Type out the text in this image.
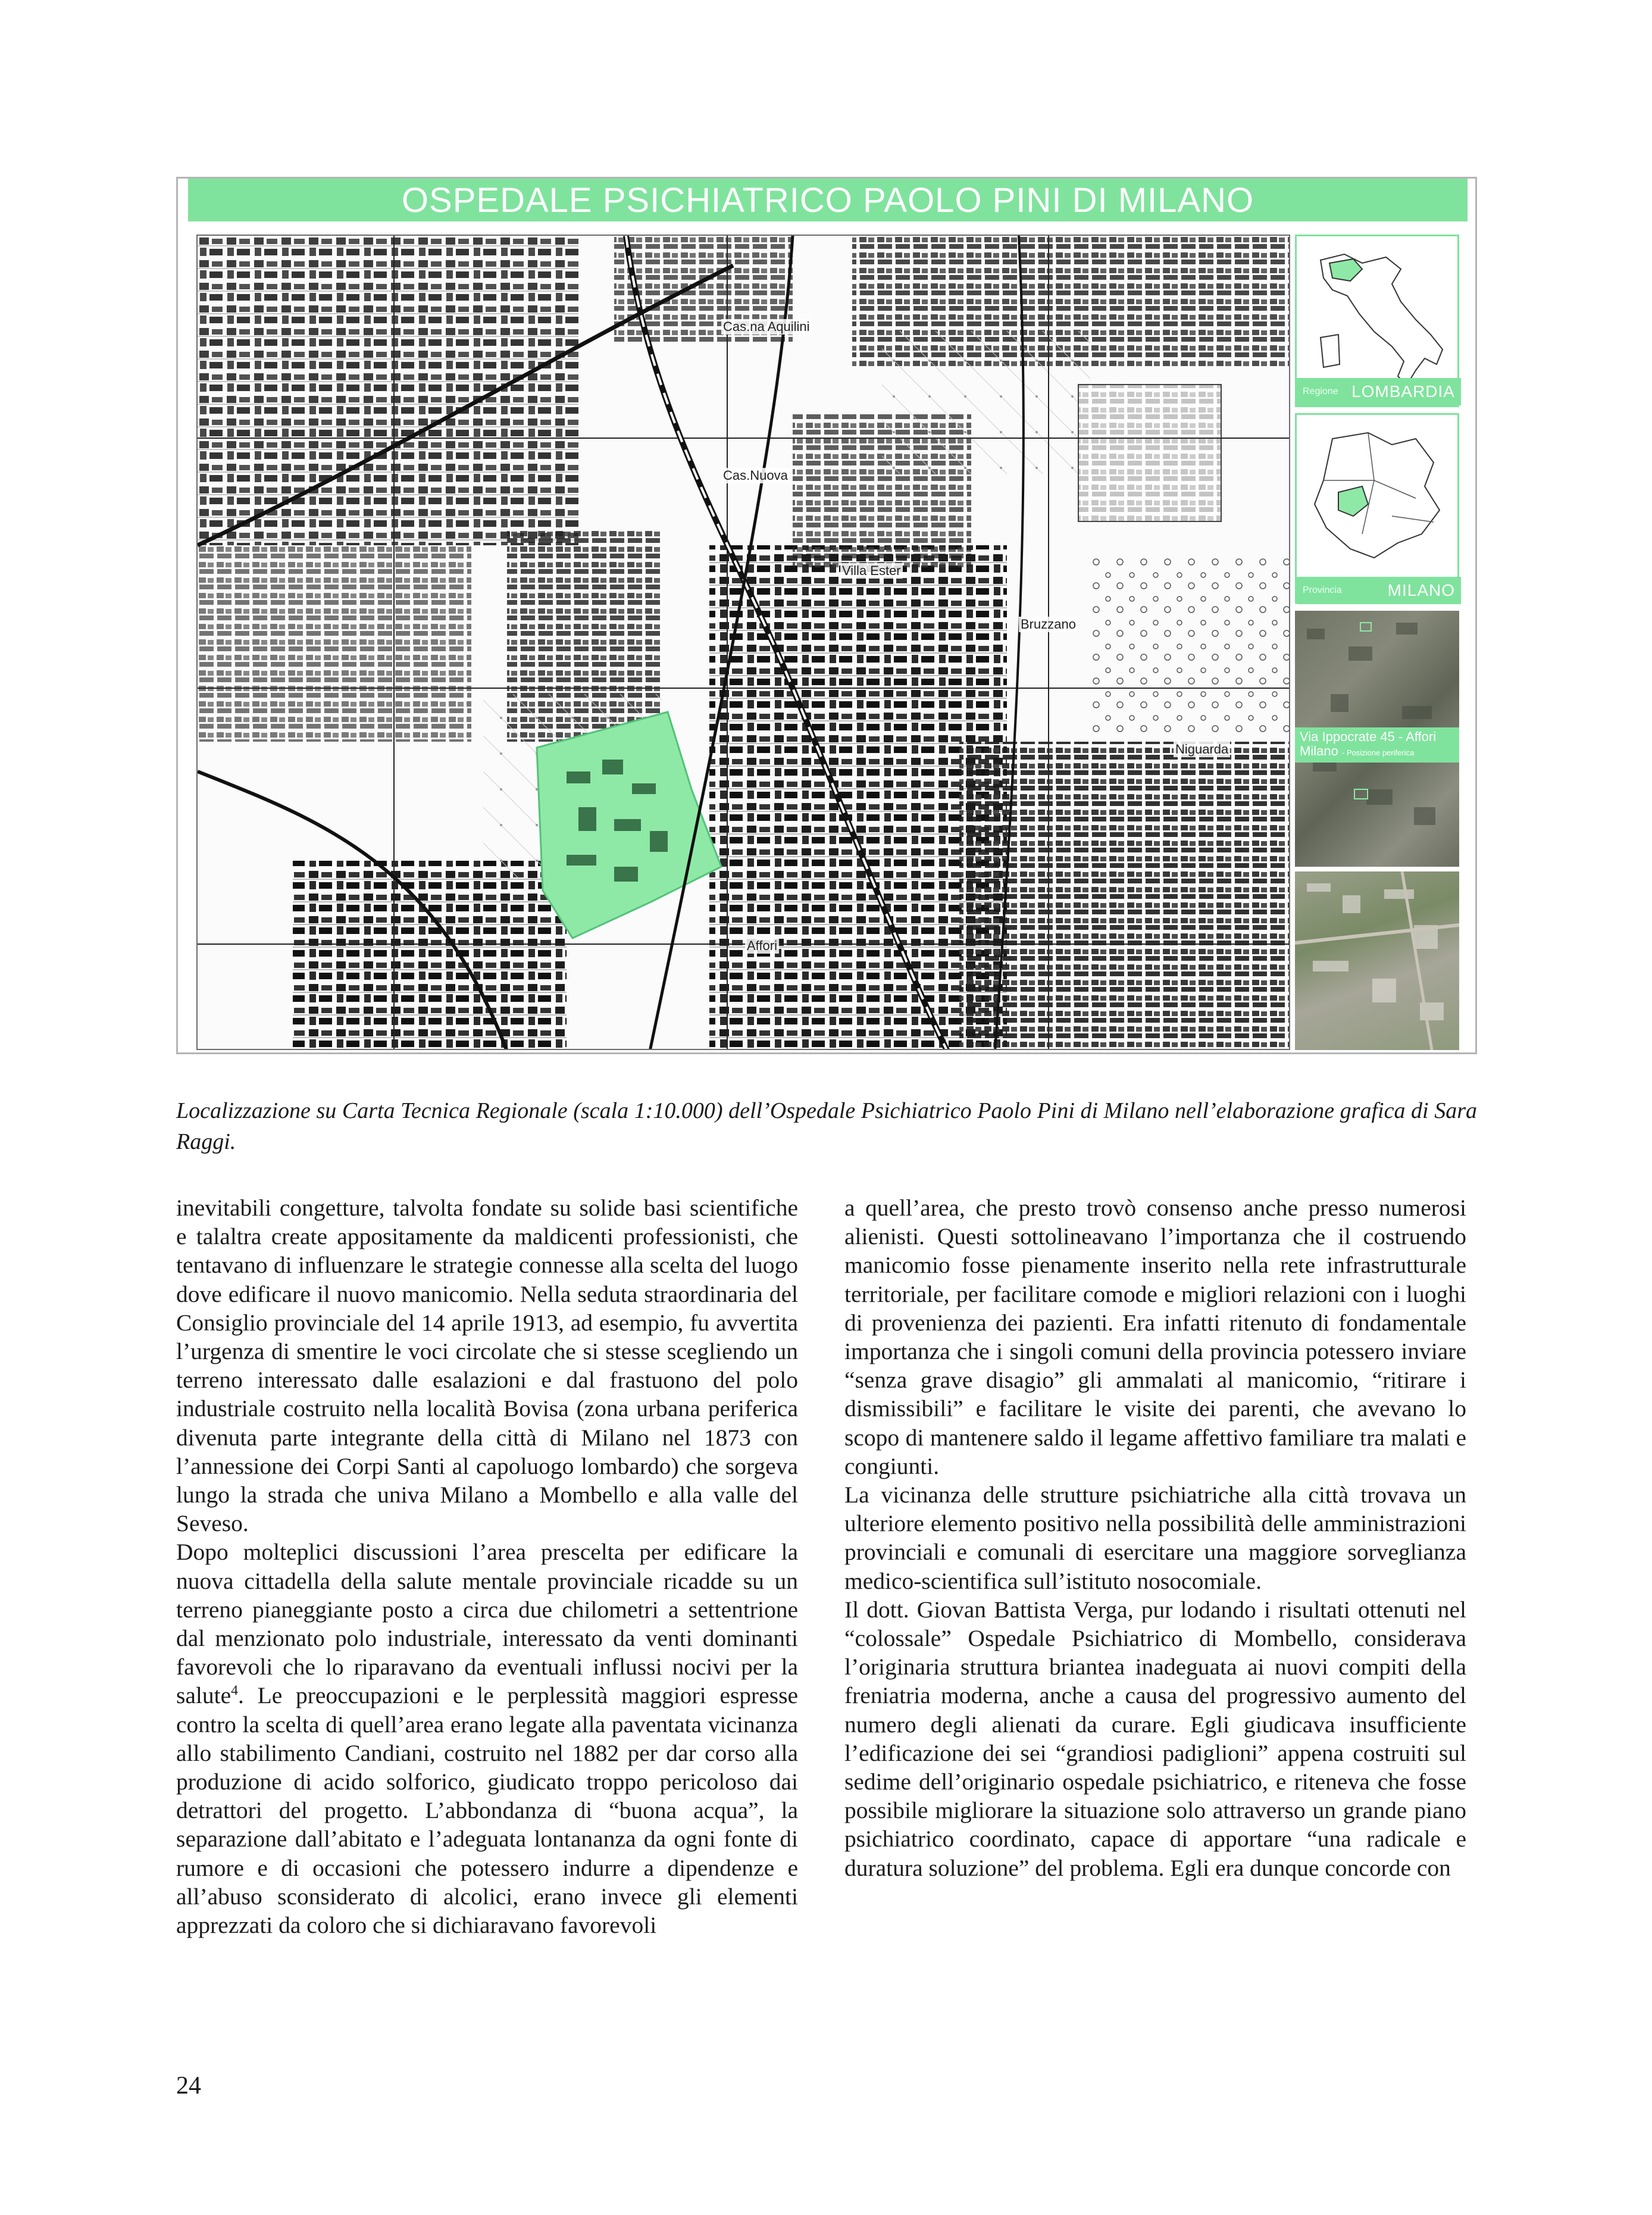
OSPEDALE PSICHIATRICO PAOLO PINI DI MILANO
Bruzzano
Niguarda
Affori
Cas.na Aquilini
Villa Ester
Cas.Nuova
Regione LOMBARDIA
Provincia	MILANO
Via Ippocrate 45 - Affori
Milano - Posizione periferica
Localizzazione su Carta Tecnica Regionale (scala 1:10.000) dell’Ospedale Psichiatrico Paolo Pini di Milano nell’elaborazione grafica di Sara Raggi.

inevitabili congetture, talvolta fondate su solide basi scientifiche e talaltra create appositamente da maldicenti professionisti, che tentavano di influenzare le strategie connesse alla scelta del luogo dove edificare il nuovo manicomio. Nella seduta straordinaria del Consiglio provinciale del 14 aprile 1913, ad esempio, fu avvertita l’urgenza di smentire le voci circolate che si stesse scegliendo un terreno interessato dalle esalazioni e dal frastuono del polo industriale costruito nella località Bovisa (zona urbana periferica divenuta parte integrante della città di Milano nel 1873 con l’annessione dei Corpi Santi al capoluogo lombardo) che sorgeva lungo la strada che univa Milano a Mombello e alla valle del Seveso.

Dopo molteplici discussioni l’area prescelta per edificare la nuova cittadella della salute mentale provinciale ricadde su un terreno pianeggiante posto a circa due chilometri a settentrione dal menzionato polo industriale, interessato da venti dominanti favorevoli che lo riparavano da eventuali influssi nocivi per la salute$^4$. Le preoccupazioni e le perplessità maggiori espresse contro la scelta di quell’area erano legate alla paventata vicinanza allo stabilimento Candiani, costruito nel 1882 per dar corso alla produzione di acido solforico, giudicato troppo pericoloso dai detrattori del progetto. L’abbondanza di “buona acqua”, la separazione dall’abitato e l’adeguata lontananza da ogni fonte di rumore e di occasioni che potessero indurre a dipendenze e all’abuso sconsiderato di alcolici, erano invece gli elementi apprezzati da coloro che si dichiaravano favorevoli

a quell’area, che presto trovò consenso anche presso numerosi alienisti. Questi sottolineavano l’importanza che il costruendo manicomio fosse pienamente inserito nella rete infrastrutturale territoriale, per facilitare comode e migliori relazioni con i luoghi di provenienza dei pazienti. Era infatti ritenuto di fondamentale importanza che i singoli comuni della provincia potessero inviare “senza grave disagio” gli ammalati al manicomio, “ritirare i dismissibili” e facilitare le visite dei parenti, che avevano lo scopo di mantenere saldo il legame affettivo familiare tra malati e congiunti.

La vicinanza delle strutture psichiatriche alla città trovava un ulteriore elemento positivo nella possibilità delle amministrazioni provinciali e comunali di esercitare una maggiore sorveglianza medico-scientifica sull’istituto nosocomiale.

Il dott. Giovan Battista Verga, pur lodando i risultati ottenuti nel “colossale” Ospedale Psichiatrico di Mombello, considerava l’originaria struttura briantea inadeguata ai nuovi compiti della freniatria moderna, anche a causa del progressivo aumento del numero degli alienati da curare. Egli giudicava insufficiente l’edificazione dei sei “grandiosi padiglioni” appena costruiti sul sedime dell’originario ospedale psichiatrico, e riteneva che fosse possibile migliorare la situazione solo attraverso un grande piano psichiatrico coordinato, capace di apportare “una radicale e duratura soluzione” del problema. Egli era dunque concorde con

24
